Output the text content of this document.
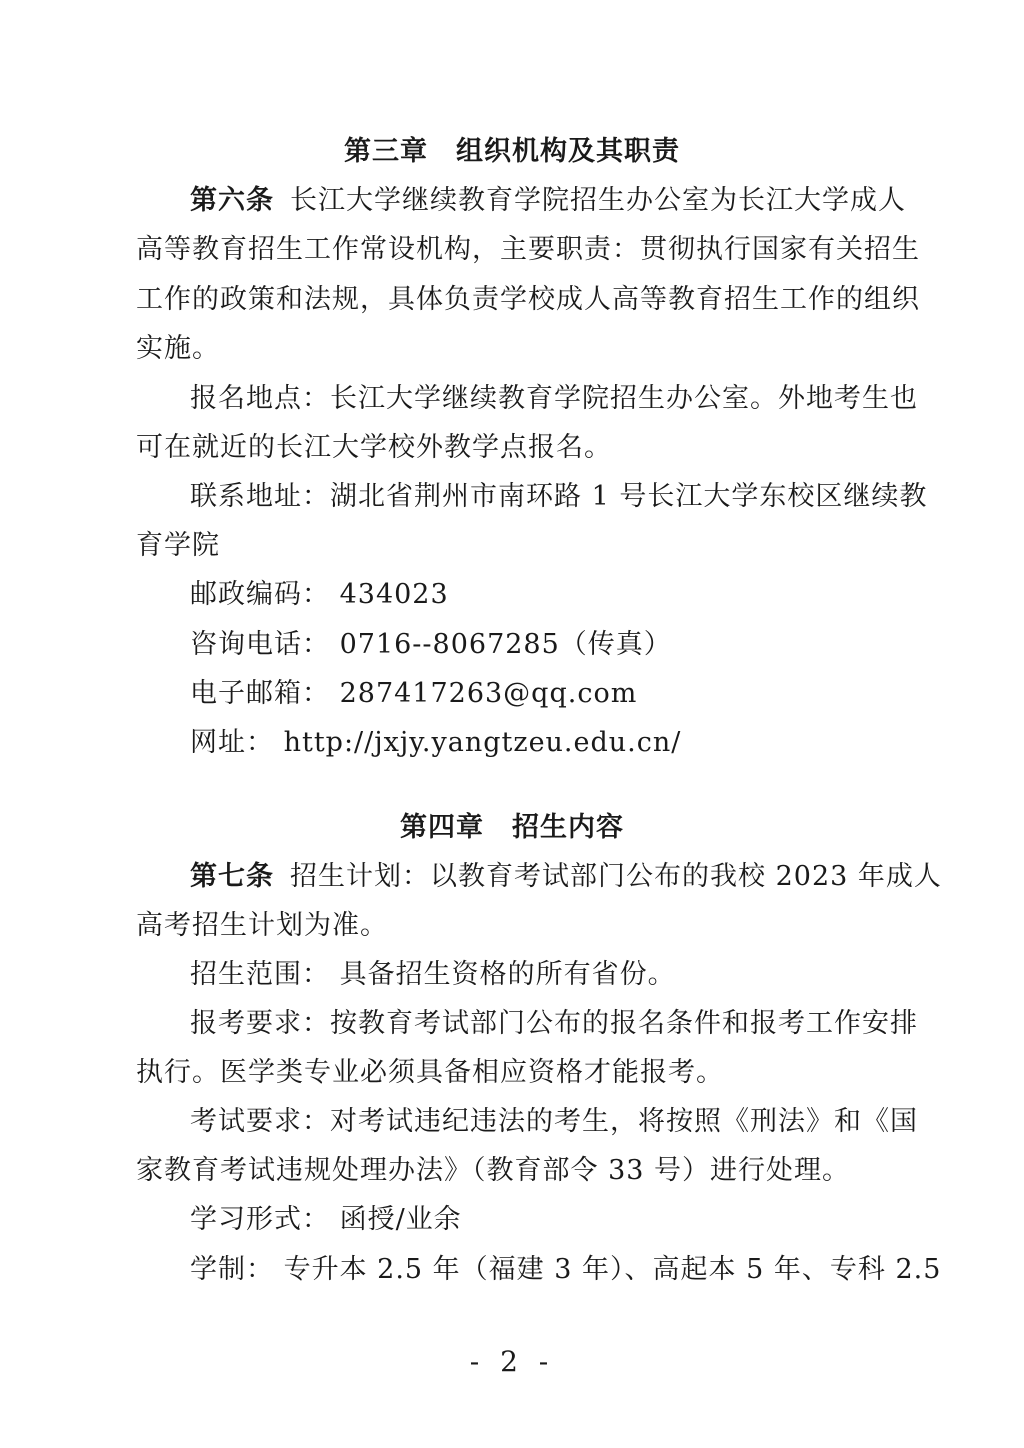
第三章 组织机构及其职责
第六条 长江大学继续教育学院招生办公室为长江大学成人
高等教育招生工作常设机构，主要职责：贯彻执行国家有关招生
工作的政策和法规，具体负责学校成人高等教育招生工作的组织
实施。
报名地点：长江大学继续教育学院招生办公室。外地考生也
可在就近的长江大学校外教学点报名。
联系地址：湖北省荆州市南环路 1 号长江大学东校区继续教
育学院
邮政编码： 434023
咨询电话： 0716--8067285（传真）
电子邮箱： 287417263@qq.com
网址： http://jxjy.yangtzeu.edu.cn/
第四章 招生内容
第七条 招生计划：以教育考试部门公布的我校 2023 年成人
高考招生计划为准。
招生范围： 具备招生资格的所有省份。
报考要求：按教育考试部门公布的报名条件和报考工作安排
执行。医学类专业必须具备相应资格才能报考。
考试要求：对考试违纪违法的考生，将按照《刑法》和《国
家教育考试违规处理办法》（教育部令 33 号）进行处理。
学习形式： 函授/业余
学制： 专升本 2.5 年（福建 3 年）、高起本 5 年、专科 2.5
- 2 -
